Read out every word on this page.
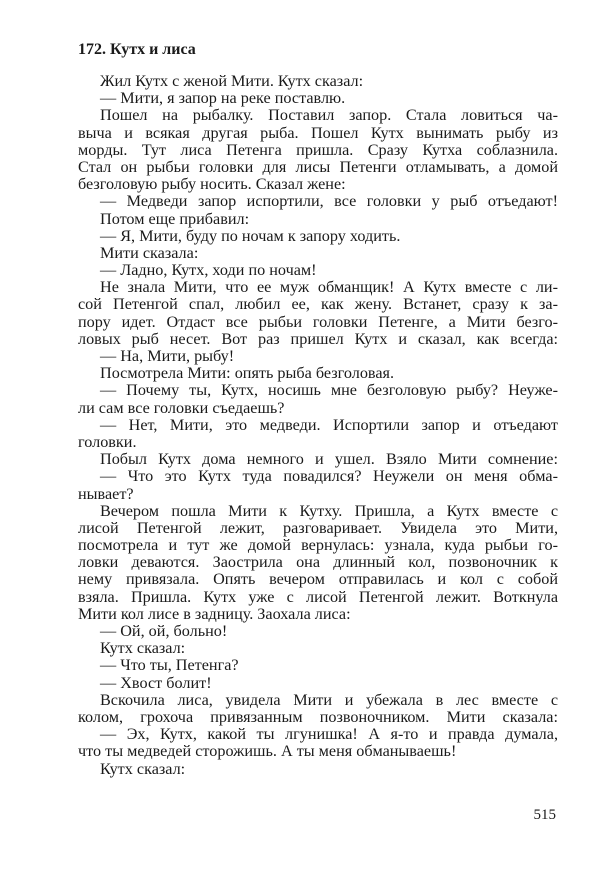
172. Кутх и лиса
Жил Кутх с женой Мити. Кутх сказал:
— Мити, я запор на реке поставлю.
Пошел на рыбалку. Поставил запор. Стала ловиться ча-
выча и всякая другая рыба. Пошел Кутх вынимать рыбу из
морды. Тут лиса Петенга пришла. Сразу Кутха соблазнила.
Стал он рыбьи головки для лисы Петенги отламывать, а домой
безголовую рыбу носить. Сказал жене:
— Медведи запор испортили, все головки у рыб отъедают!
Потом еще прибавил:
— Я, Мити, буду по ночам к запору ходить.
Мити сказала:
— Ладно, Кутх, ходи по ночам!
Не знала Мити, что ее муж обманщик! А Кутх вместе с ли-
сой Петенгой спал, любил ее, как жену. Встанет, сразу к за-
пору идет. Отдаст все рыбьи головки Петенге, а Мити безго-
ловых рыб несет. Вот раз пришел Кутх и сказал, как всегда:
— На, Мити, рыбу!
Посмотрела Мити: опять рыба безголовая.
— Почему ты, Кутх, носишь мне безголовую рыбу? Неуже-
ли сам все головки съедаешь?
— Нет, Мити, это медведи. Испортили запор и отъедают
головки.
Побыл Кутх дома немного и ушел. Взяло Мити сомнение:
— Что это Кутх туда повадился? Неужели он меня обма-
нывает?
Вечером пошла Мити к Кутху. Пришла, а Кутх вместе с
лисой Петенгой лежит, разговаривает. Увидела это Мити,
посмотрела и тут же домой вернулась: узнала, куда рыбьи го-
ловки деваются. Заострила она длинный кол, позвоночник к
нему привязала. Опять вечером отправилась и кол с собой
взяла. Пришла. Кутх уже с лисой Петенгой лежит. Воткнула
Мити кол лисе в задницу. Заохала лиса:
— Ой, ой, больно!
Кутх сказал:
— Что ты, Петенга?
— Хвост болит!
Вскочила лиса, увидела Мити и убежала в лес вместе с
колом, грохоча привязанным позвоночником. Мити сказала:
— Эх, Кутх, какой ты лгунишка! А я-то и правда думала,
что ты медведей сторожишь. А ты меня обманываешь!
Кутх сказал:
515
